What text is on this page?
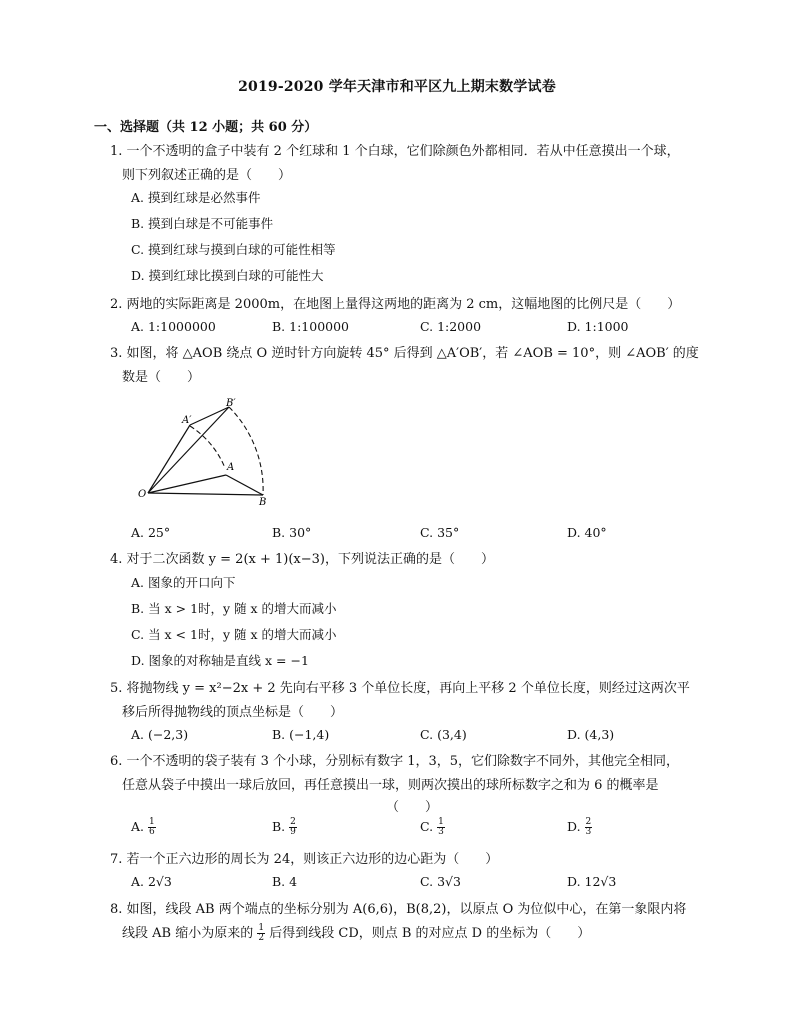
2019-2020 学年天津市和平区九上期末数学试卷
一、选择题（共 12 小题；共 60 分）
1. 一个不透明的盒子中装有 2 个红球和 1 个白球，它们除颜色外都相同．若从中任意摸出一个球，
则下列叙述正确的是（　　）
A. 摸到红球是必然事件
B. 摸到白球是不可能事件
C. 摸到红球与摸到白球的可能性相等
D. 摸到红球比摸到白球的可能性大
2. 两地的实际距离是 2000m，在地图上量得这两地的距离为 2 cm，这幅地图的比例尺是（　　）
A. 1:1000000	B. 1:100000	C. 1:2000	D. 1:1000
3. 如图，将 △AOB 绕点 O 逆时针方向旋转 45° 后得到 △A′OB′，若 ∠AOB = 10°，则 ∠AOB′ 的度
数是（　　）
O
A
B
A′
B′
A. 25°	B. 30°	C. 35°	D. 40°
4. 对于二次函数 y = 2(x + 1)(x−3)，下列说法正确的是（　　）
A. 图象的开口向下
B. 当 x > 1时，y 随 x 的增大而减小
C. 当 x < 1时，y 随 x 的增大而减小
D. 图象的对称轴是直线 x = −1
5. 将抛物线 y = x²−2x + 2 先向右平移 3 个单位长度，再向上平移 2 个单位长度，则经过这两次平
移后所得抛物线的顶点坐标是（　　）
A. (−2,3)	B. (−1,4)	C. (3,4)	D. (4,3)
6. 一个不透明的袋子装有 3 个小球，分别标有数字 1，3，5，它们除数字不同外，其他完全相同，
任意从袋子中摸出一球后放回，再任意摸出一球，则两次摸出的球所标数字之和为 6 的概率是
（　　）
A. $\frac{1}{6}$	B. $\frac{2}{9}$	C. $\frac{1}{3}$	D. $\frac{2}{3}$
7. 若一个正六边形的周长为 24，则该正六边形的边心距为（　　）
A. 2√3	B. 4	C. 3√3	D. 12√3
8. 如图，线段 AB 两个端点的坐标分别为 A(6,6)，B(8,2)，以原点 O 为位似中心，在第一象限内将
线段 AB 缩小为原来的 $\frac{1}{2}$ 后得到线段 CD，则点 B 的对应点 D 的坐标为（　　）
